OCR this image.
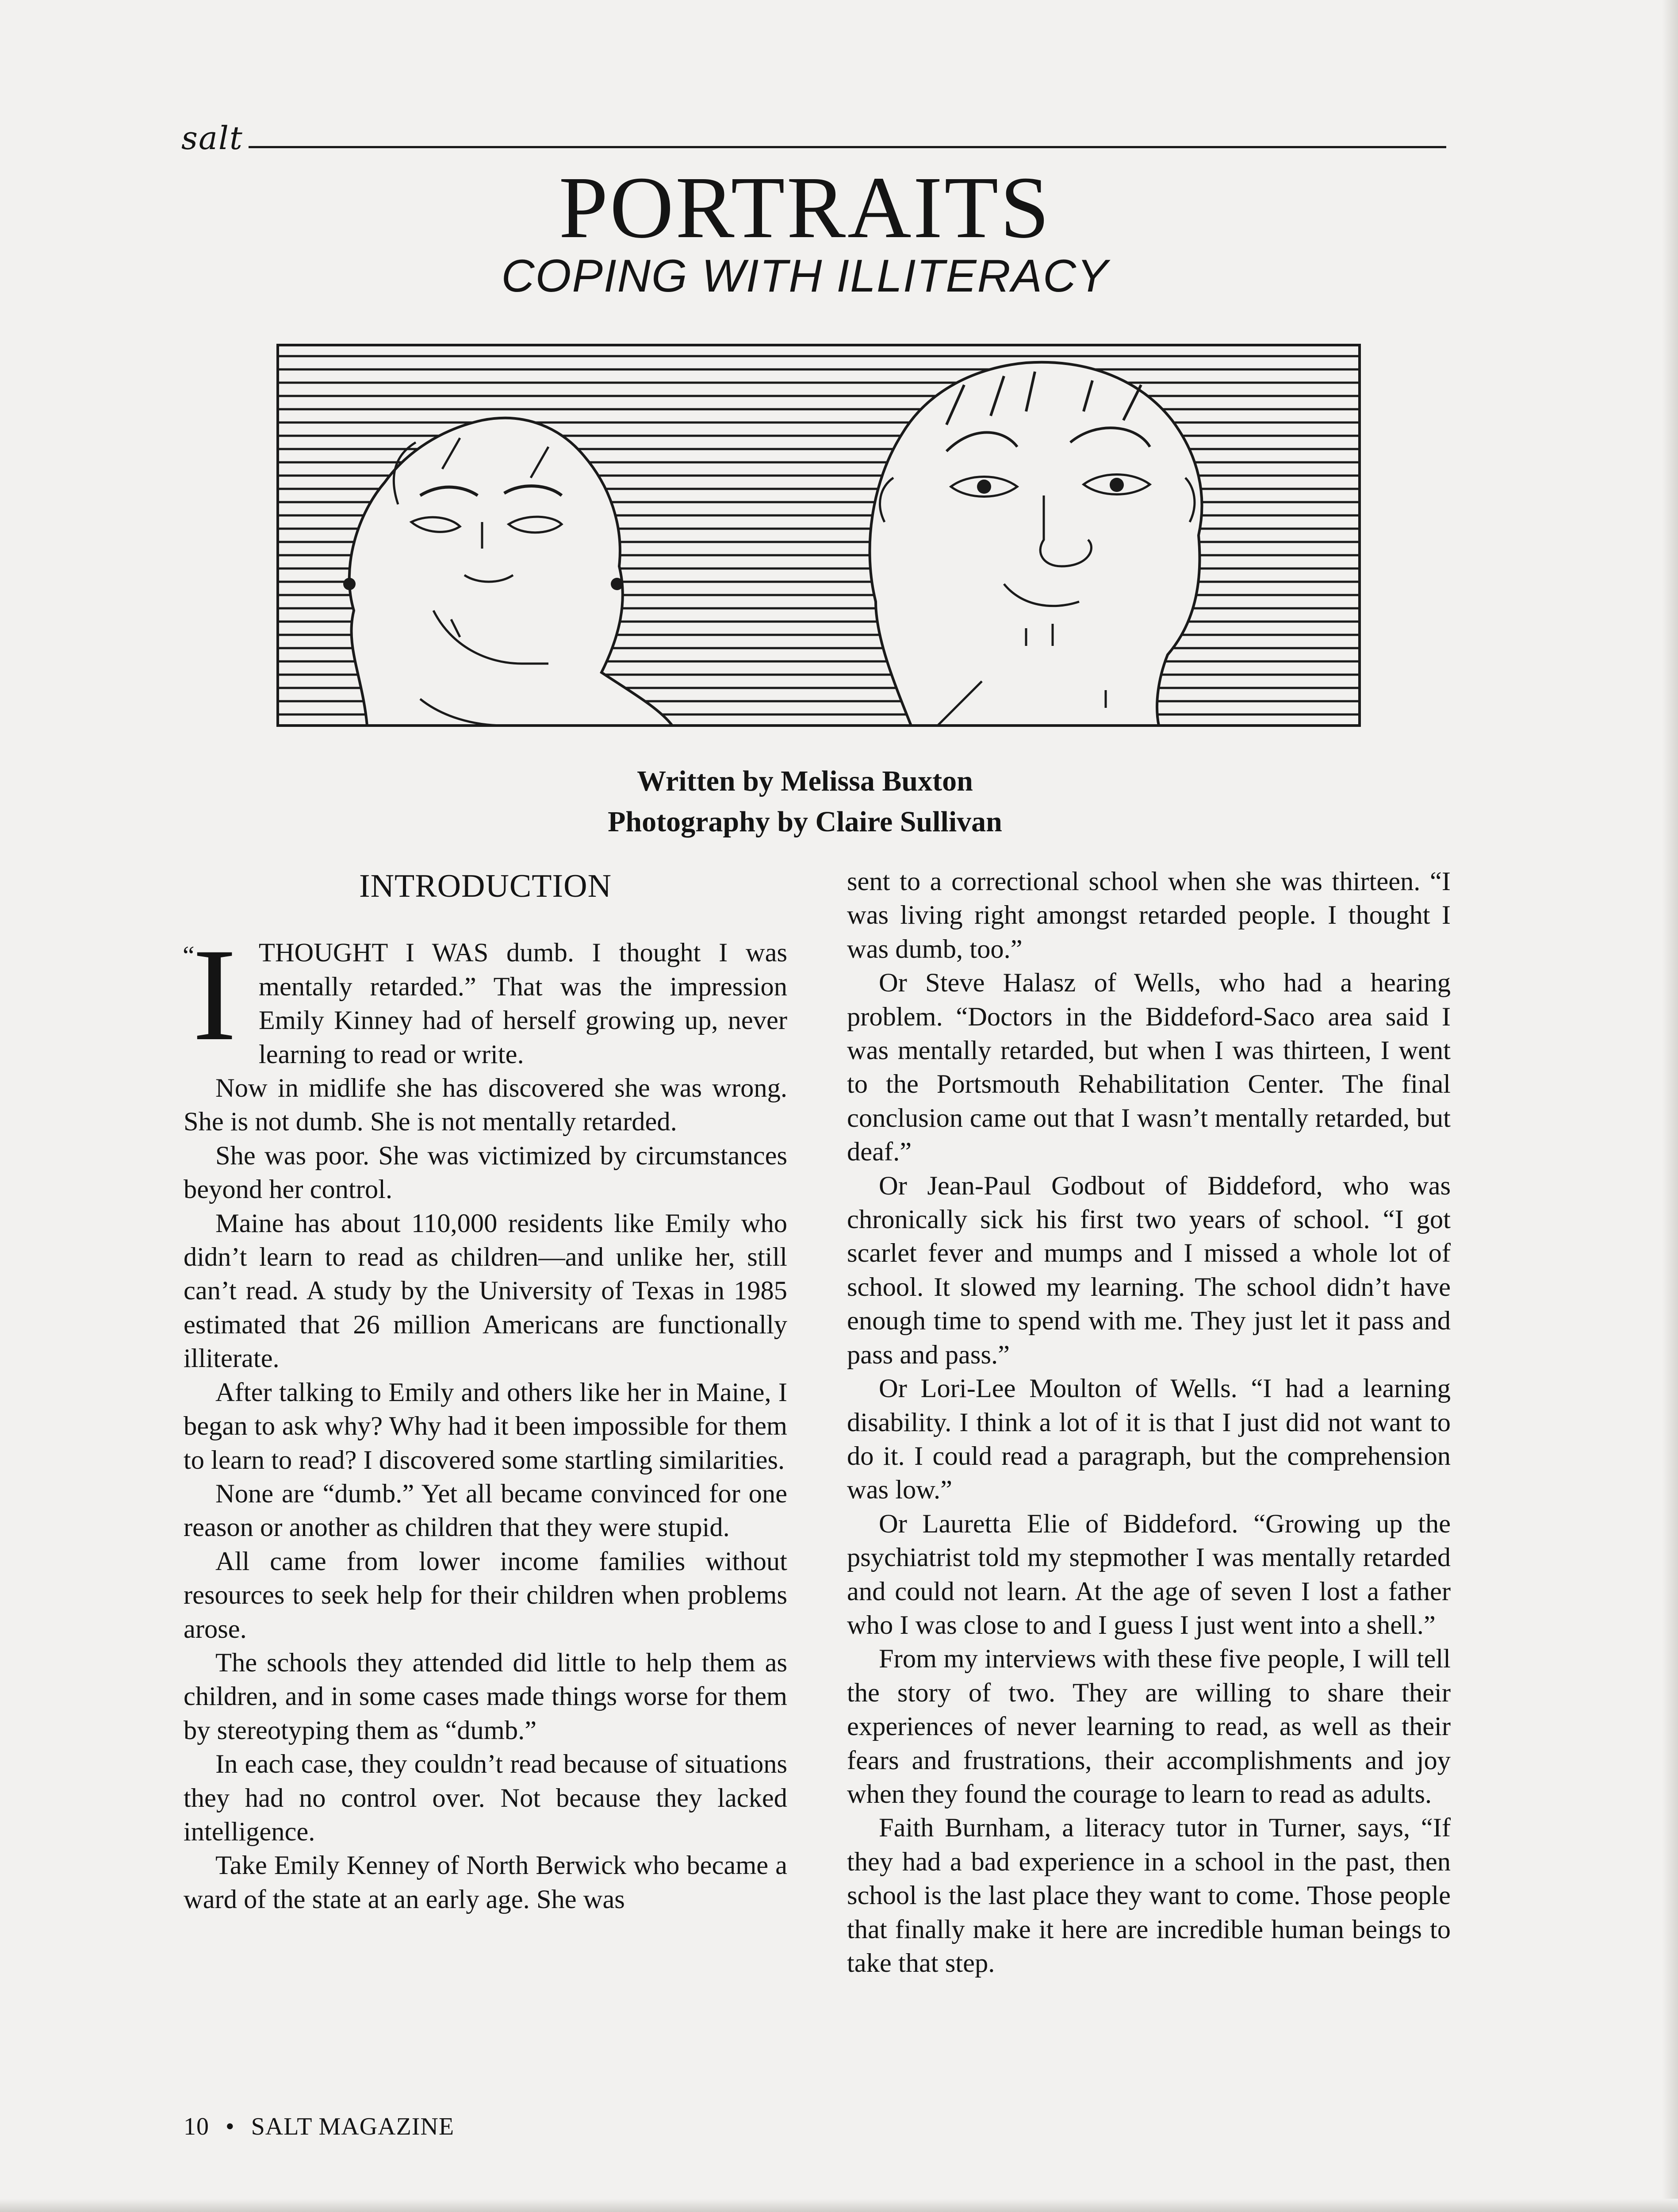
salt
PORTRAITS
COPING WITH ILLITERACY
Written by Melissa Buxton
Photography by Claire Sullivan
INTRODUCTION

“
I THOUGHT I WAS dumb. I thought I was mentally retarded.” That was the impression Emily Kinney had of herself growing up, never learning to read or write.

Now in midlife she has discovered she was wrong. She is not dumb. She is not mentally retarded.

She was poor. She was victimized by circumstances beyond her control.

Maine has about 110,000 residents like Emily who didn’t learn to read as children—and unlike her, still can’t read. A study by the University of Texas in 1985 estimated that 26 million Americans are functionally illiterate.

After talking to Emily and others like her in Maine, I began to ask why? Why had it been impossible for them to learn to read? I discovered some startling similarities.

None are “dumb.” Yet all became convinced for one reason or another as children that they were stupid.

All came from lower income families without resources to seek help for their children when problems arose.

The schools they attended did little to help them as children, and in some cases made things worse for them by stereotyping them as “dumb.”

In each case, they couldn’t read because of situations they had no control over. Not because they lacked intelligence.

Take Emily Kenney of North Berwick who became a ward of the state at an early age. She was

sent to a correctional school when she was thirteen. “I was living right amongst retarded people. I thought I was dumb, too.”

Or Steve Halasz of Wells, who had a hearing problem. “Doctors in the Biddeford-Saco area said I was mentally retarded, but when I was thirteen, I went to the Portsmouth Rehabilitation Center. The final conclusion came out that I wasn’t mentally retarded, but deaf.”

Or Jean-Paul Godbout of Biddeford, who was chronically sick his first two years of school. “I got scarlet fever and mumps and I missed a whole lot of school. It slowed my learning. The school didn’t have enough time to spend with me. They just let it pass and pass and pass.”

Or Lori-Lee Moulton of Wells. “I had a learning disability. I think a lot of it is that I just did not want to do it. I could read a paragraph, but the comprehension was low.”

Or Lauretta Elie of Biddeford. “Growing up the psychiatrist told my stepmother I was mentally retarded and could not learn. At the age of seven I lost a father who I was close to and I guess I just went into a shell.”

From my interviews with these five people, I will tell the story of two. They are willing to share their experiences of never learning to read, as well as their fears and frustrations, their accomplishments and joy when they found the courage to learn to read as adults.

Faith Burnham, a literacy tutor in Turner, says, “If they had a bad experience in a school in the past, then school is the last place they want to come. Those people that finally make it here are incredible human beings to take that step.

10 • SALT MAGAZINE
